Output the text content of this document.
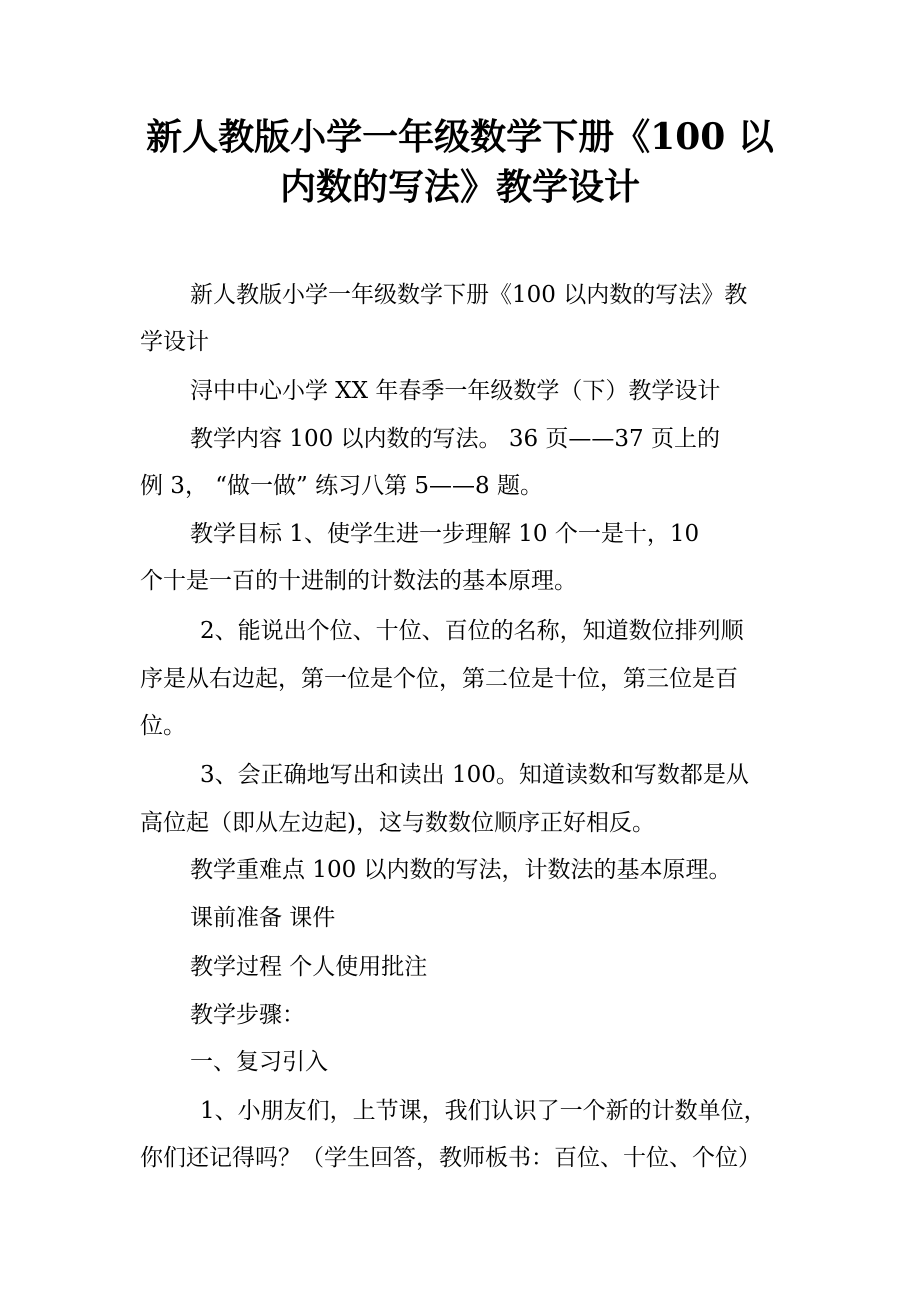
新人教版小学一年级数学下册《100 以
内数的写法》教学设计
新人教版小学一年级数学下册《100 以内数的写法》教
学设计
浔中中心小学 XX 年春季一年级数学（下）教学设计
教学内容 100 以内数的写法。 36 页——37 页上的
例 3， “做一做” 练习八第 5——8 题。
教学目标 1、使学生进一步理解 10 个一是十，10
个十是一百的十进制的计数法的基本原理。
2、能说出个位、十位、百位的名称，知道数位排列顺
序是从右边起，第一位是个位，第二位是十位，第三位是百
位。
3、会正确地写出和读出 100。知道读数和写数都是从
高位起（即从左边起)，这与数数位顺序正好相反。
教学重难点 100 以内数的写法，计数法的基本原理。
课前准备 课件
教学过程 个人使用批注
教学步骤：
一、复习引入
1、小朋友们，上节课，我们认识了一个新的计数单位，
你们还记得吗？（学生回答，教师板书：百位、十位、个位）
